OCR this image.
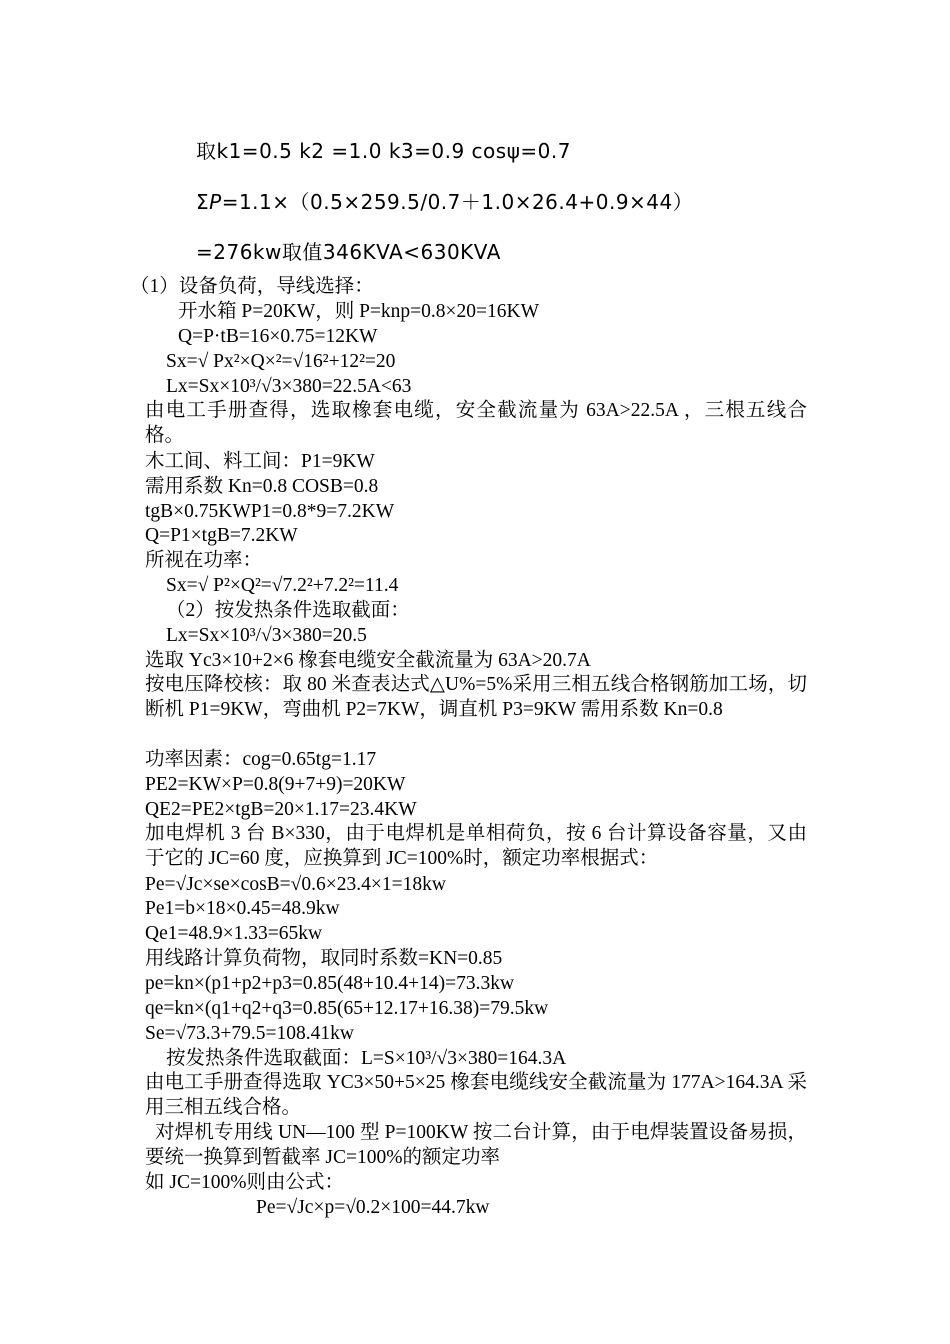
取k1=0.5 k2 =1.0 k3=0.9 cosψ=0.7
ΣP=1.1×（0.5×259.5/0.7＋1.0×26.4+0.9×44）
=276kw取值346KVA<630KVA
（1）设备负荷，导线选择：
开水箱 P=20KW，则 P=knp=0.8×20=16KW
Q=P·tB=16×0.75=12KW
Sx=√ Px²×Q×²=√16²+12²=20
Lx=Sx×10³/√3×380=22.5A<63
由电工手册查得，选取橡套电缆，安全截流量为 63A>22.5A ，三根五线合格。
木工间、料工间：P1=9KW
需用系数 Kn=0.8 COSB=0.8
tgB×0.75KWP1=0.8*9=7.2KW
Q=P1×tgB=7.2KW
所视在功率：
Sx=√ P²×Q²=√7.2²+7.2²=11.4
（2）按发热条件选取截面：
Lx=Sx×10³/√3×380=20.5
选取 Yc3×10+2×6 橡套电缆安全截流量为 63A>20.7A
按电压降校核：取 80 米查表达式△U%=5%采用三相五线合格钢筋加工场，切断机 P1=9KW，弯曲机 P2=7KW，调直机 P3=9KW 需用系数 Kn=0.8
功率因素：cog=0.65tg=1.17
PE2=KW×P=0.8(9+7+9)=20KW
QE2=PE2×tgB=20×1.17=23.4KW
加电焊机 3 台 B×330，由于电焊机是单相荷负，按 6 台计算设备容量，又由于它的 JC=60 度，应换算到 JC=100%时，额定功率根据式：
Pe=√Jc×se×cosB=√0.6×23.4×1=18kw
Pe1=b×18×0.45=48.9kw
Qe1=48.9×1.33=65kw
用线路计算负荷物，取同时系数=KN=0.85
pe=kn×(p1+p2+p3=0.85(48+10.4+14)=73.3kw
qe=kn×(q1+q2+q3=0.85(65+12.17+16.38)=79.5kw
Se=√73.3+79.5=108.41kw
按发热条件选取截面：L=S×10³/√3×380=164.3A
由电工手册查得选取 YC3×50+5×25 橡套电缆线安全截流量为 177A>164.3A 采用三相五线合格。
对焊机专用线 UN—100 型 P=100KW 按二台计算，由于电焊装置设备易损，要统一换算到暂截率 JC=100%的额定功率
如 JC=100%则由公式：
Pe=√Jc×p=√0.2×100=44.7kw
